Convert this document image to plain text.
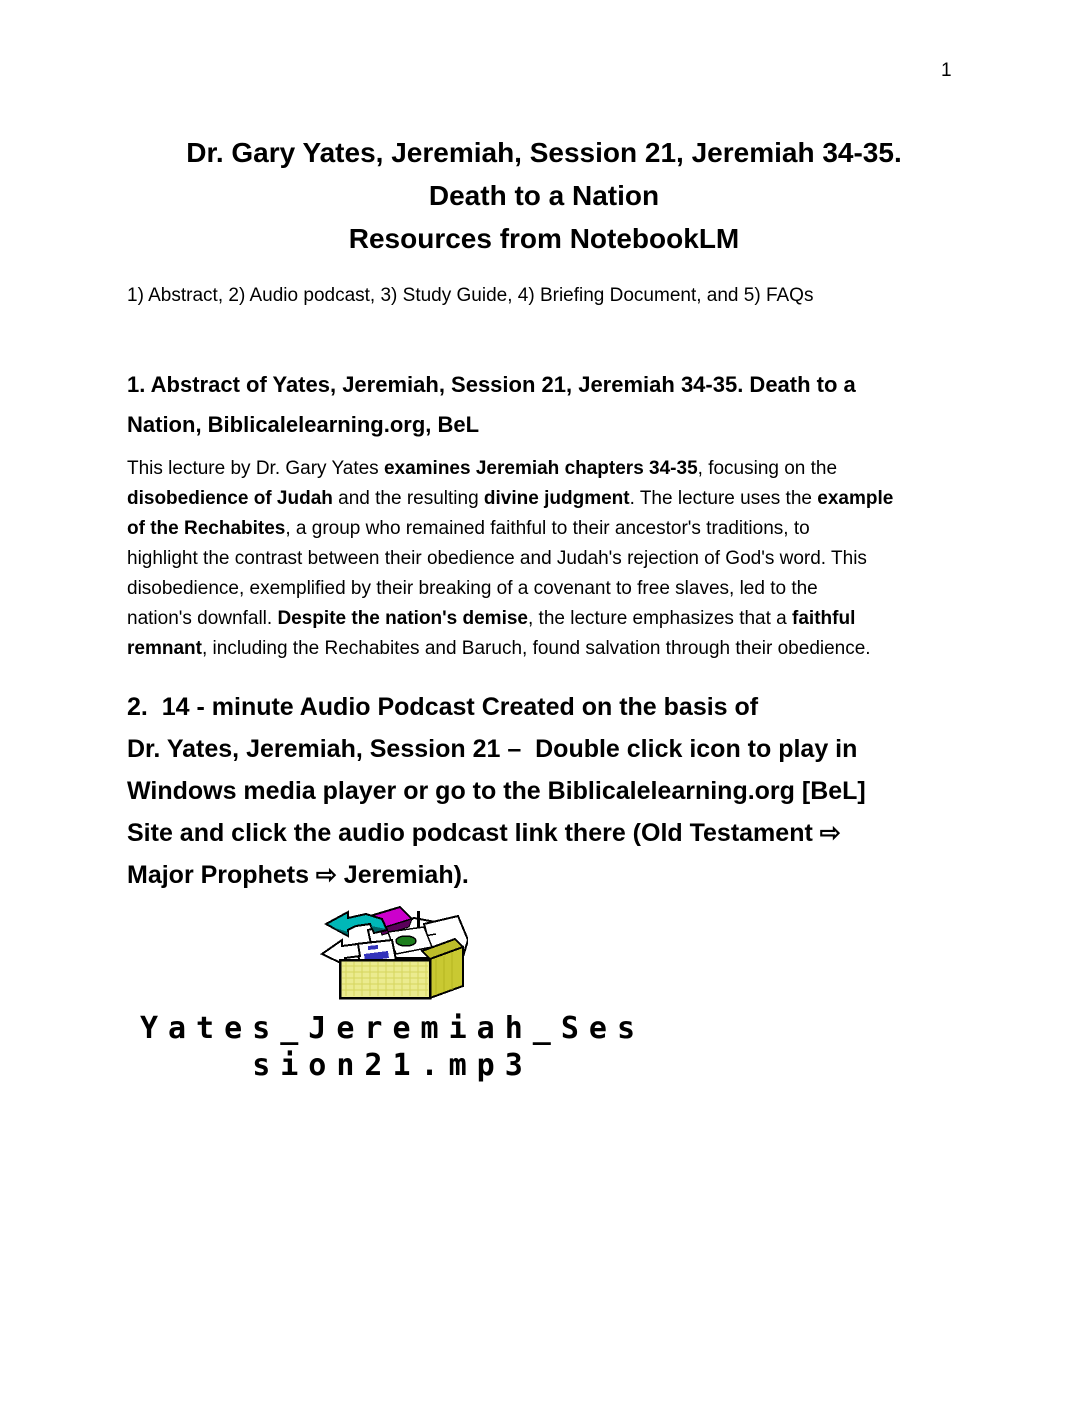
1
Dr. Gary Yates, Jeremiah, Session 21, Jeremiah 34-35.
Death to a Nation
Resources from NotebookLM
1) Abstract, 2) Audio podcast, 3) Study Guide, 4) Briefing Document, and 5) FAQs
1. Abstract of Yates, Jeremiah, Session 21, Jeremiah 34-35. Death to a
Nation, Biblicalelearning.org, BeL
This lecture by Dr. Gary Yates examines Jeremiah chapters 34-35, focusing on the
disobedience of Judah and the resulting divine judgment. The lecture uses the example
of the Rechabites, a group who remained faithful to their ancestor's traditions, to
highlight the contrast between their obedience and Judah's rejection of God's word. This
disobedience, exemplified by their breaking of a covenant to free slaves, led to the
nation's downfall. Despite the nation's demise, the lecture emphasizes that a faithful
remnant, including the Rechabites and Baruch, found salvation through their obedience.
2.  14 - minute Audio Podcast Created on the basis of
Dr. Yates, Jeremiah, Session 21 –  Double click icon to play in
Windows media player or go to the Biblicalelearning.org [BeL]
Site and click the audio podcast link there (Old Testament ⇨
Major Prophets ⇨ Jeremiah).
Yates_Jeremiah_Ses
sion21.mp3
